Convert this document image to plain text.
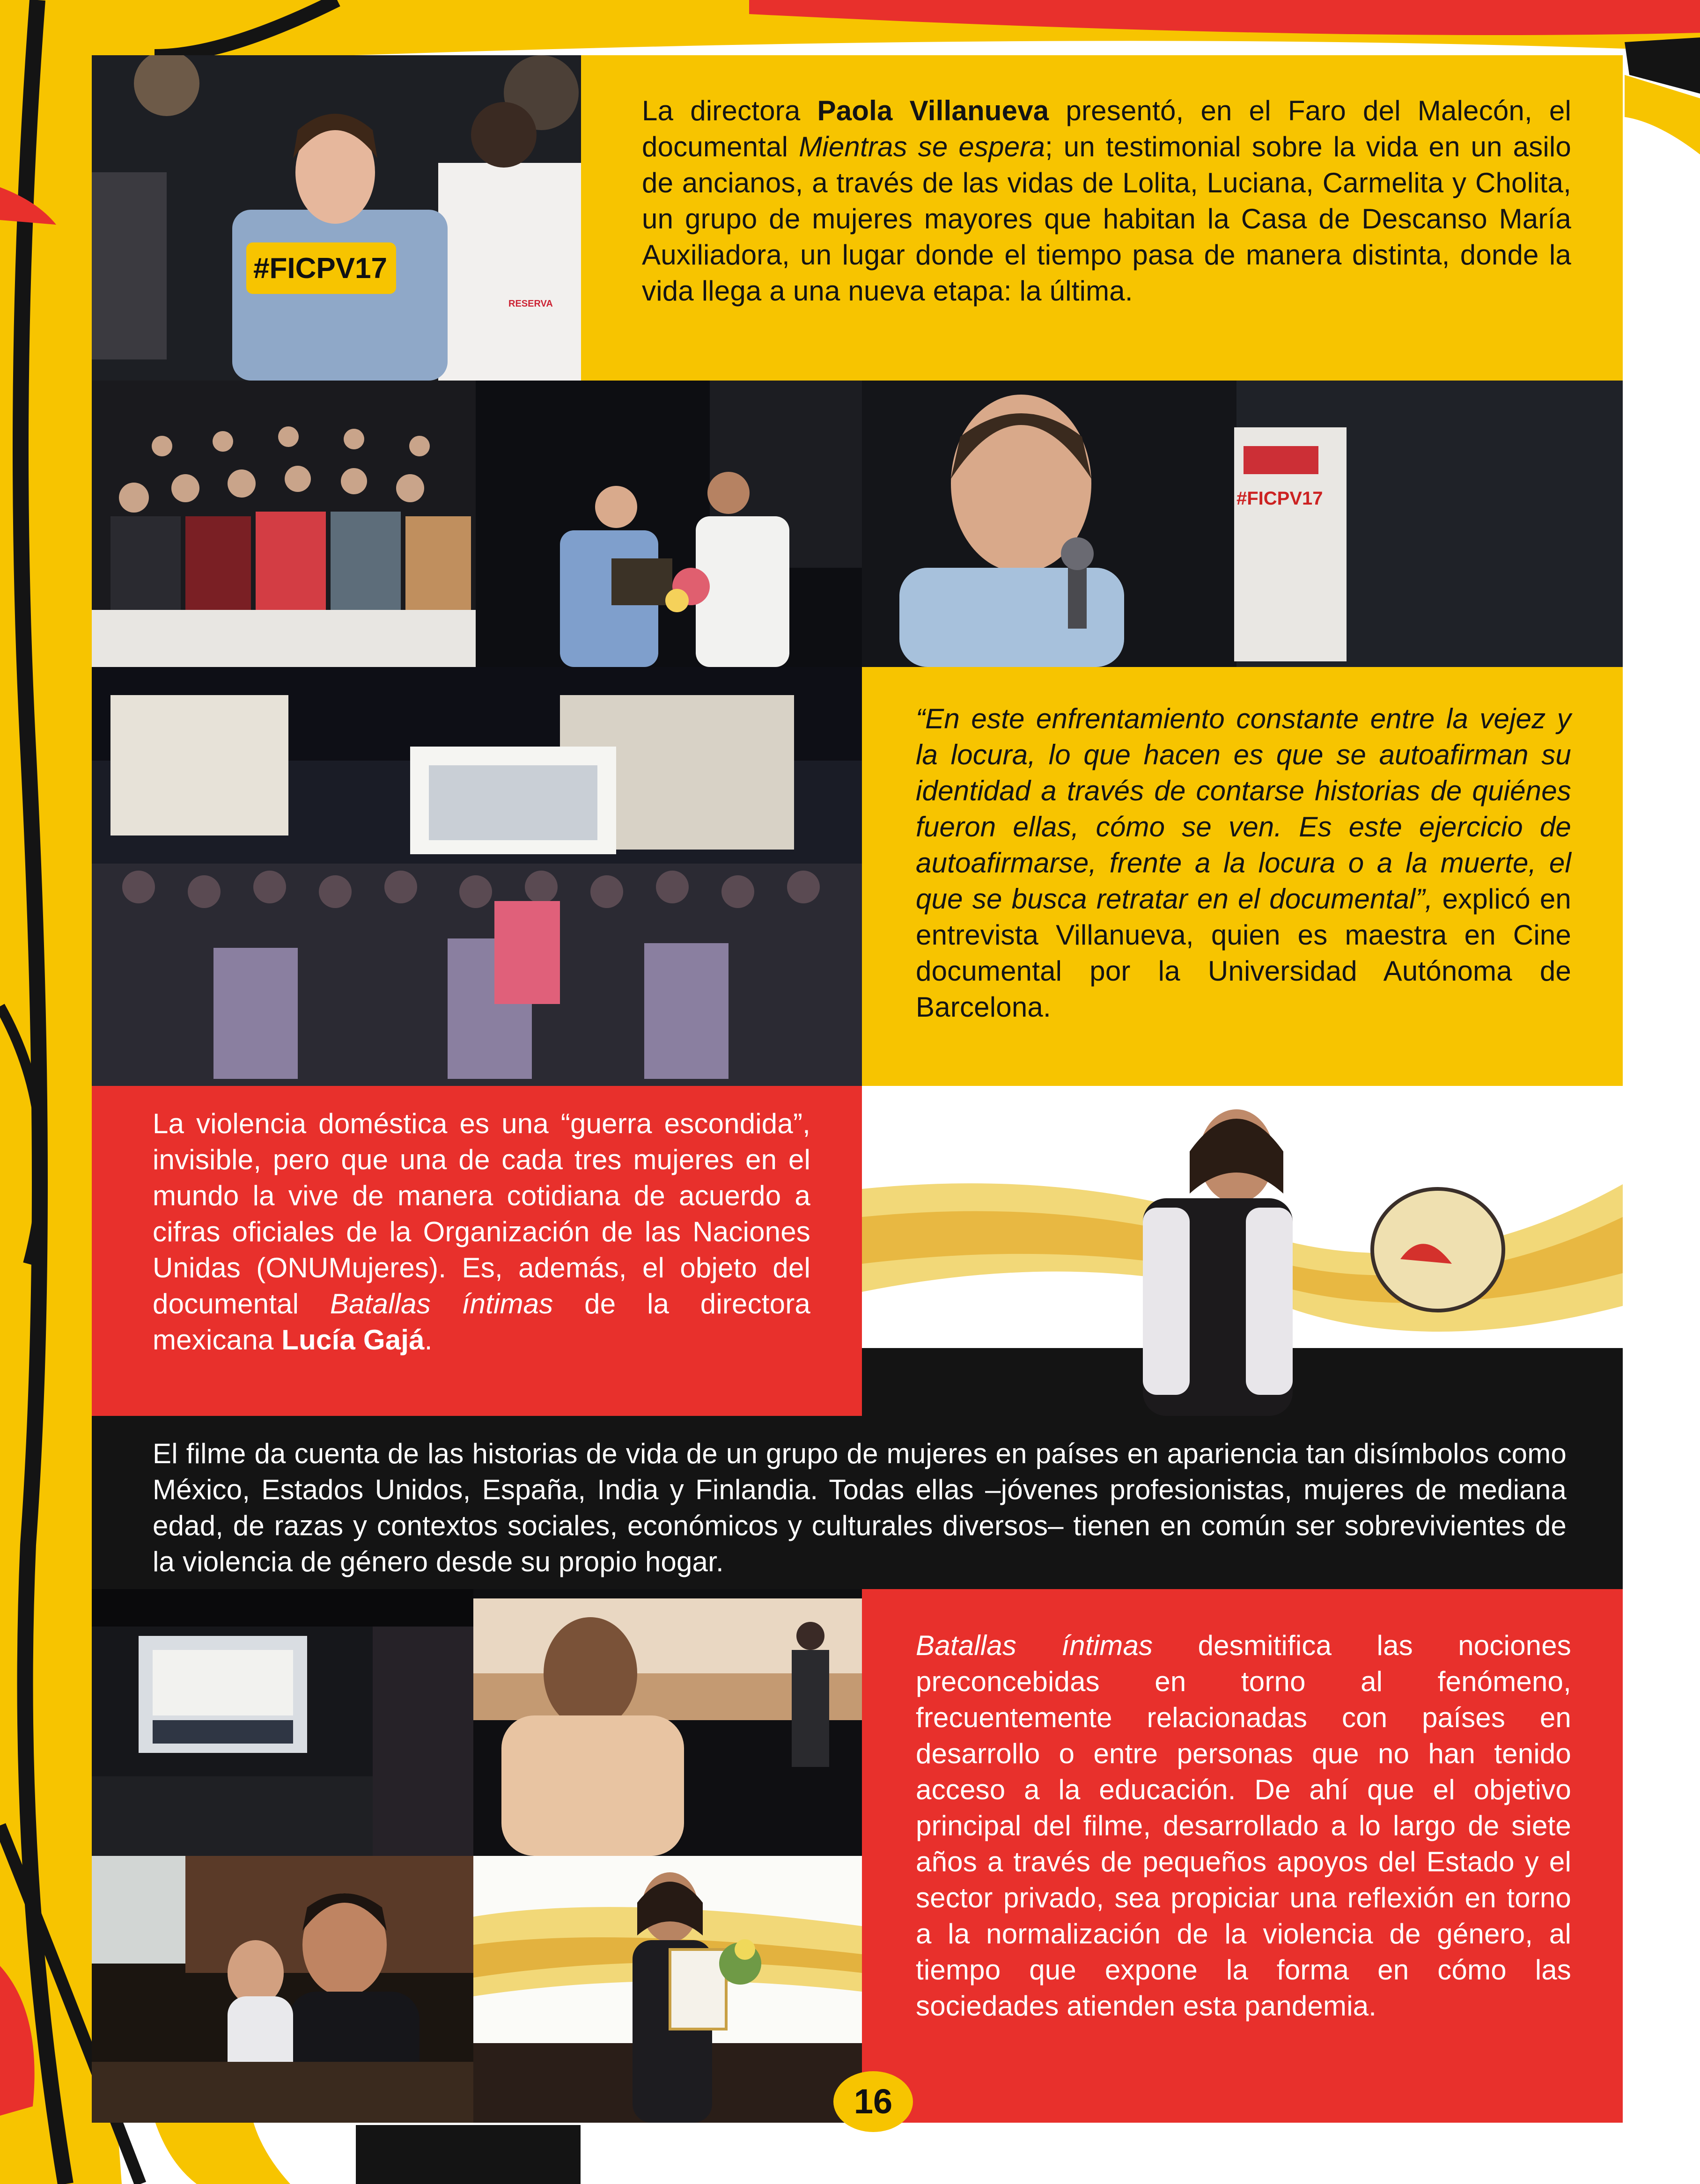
#FICPV17
RESERVA

La directora Paola Villanueva presentó, en el Faro del Malecón, el documental Mientras se espera; un testimonial sobre la vida en un asilo de ancianos, a través de las vidas de Lolita, Luciana, Carmelita y Cholita, un grupo de mujeres mayores que habitan la Casa de Descanso María Auxiliadora, un lugar donde el tiempo pasa de manera distinta, donde la vida llega a una nueva etapa: la última.

#FICPV17

“En este enfrentamiento constante entre la vejez y la locura, lo que hacen es que se autoafirman su identidad a través de contarse historias de quiénes fueron ellas, cómo se ven. Es este ejercicio de autoafirmarse, frente a la locura o a la muerte, el que se busca retratar en el documental”, explicó en entrevista Villanueva, quien es maestra en Cine documental por la Universidad Autónoma de Barcelona.

La violencia doméstica es una “guerra escondida”, invisible, pero que una de cada tres mujeres en el mundo la vive de manera cotidiana de acuerdo a cifras oficiales de la Organización de las Naciones Unidas (ONUMujeres). Es, además, el objeto del documental Batallas íntimas de la directora mexicana Lucía Gajá.

El filme da cuenta de las historias de vida de un grupo de mujeres en países en apariencia tan disímbolos como México, Estados Unidos, España, India y Finlandia. Todas ellas –jóvenes profesionistas, mujeres de mediana edad, de razas y contextos sociales, económicos y culturales diversos– tienen en común ser sobrevivientes de la violencia de género desde su propio hogar.

Batallas íntimas desmitifica las nociones preconcebidas en torno al fenómeno, frecuentemente relacionadas con países en desarrollo o entre personas que no han tenido acceso a la educación. De ahí que el objetivo principal del filme, desarrollado a lo largo de siete años a través de pequeños apoyos del Estado y el sector privado, sea propiciar una reflexión en torno a la normalización de la violencia de género, al tiempo que expone la forma en cómo las sociedades atienden esta pandemia.

16
